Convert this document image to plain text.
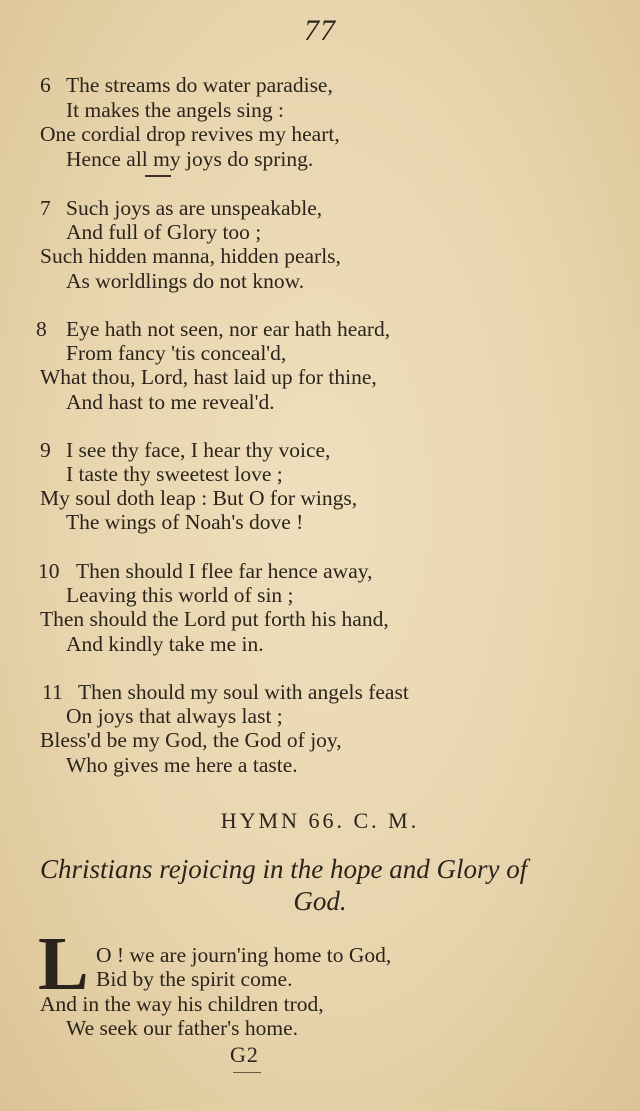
77
6 The streams do water paradise,
It makes the angels sing :
One cordial drop revives my heart,
Hence all my joys do spring.
7 Such joys as are unspeakable,
And full of Glory too ;
Such hidden manna, hidden pearls,
As worldlings do not know.
8 Eye hath not seen, nor ear hath heard,
From fancy 'tis conceal'd,
What thou, Lord, hast laid up for thine,
And hast to me reveal'd.
9 I see thy face, I hear thy voice,
I taste thy sweetest love ;
My soul doth leap : But O for wings,
The wings of Noah's dove !
10 Then should I flee far hence away,
Leaving this world of sin ;
Then should the Lord put forth his hand,
And kindly take me in.
11 Then should my soul with angels feast
On joys that always last ;
Bless'd be my God, the God of joy,
Who gives me here a taste.
HYMN 66. C. M.
Christians rejoicing in the hope and Glory of
God.
L O ! we are journ'ing home to God,
Bid by the spirit come.
And in the way his children trod,
We seek our father's home.
G2
